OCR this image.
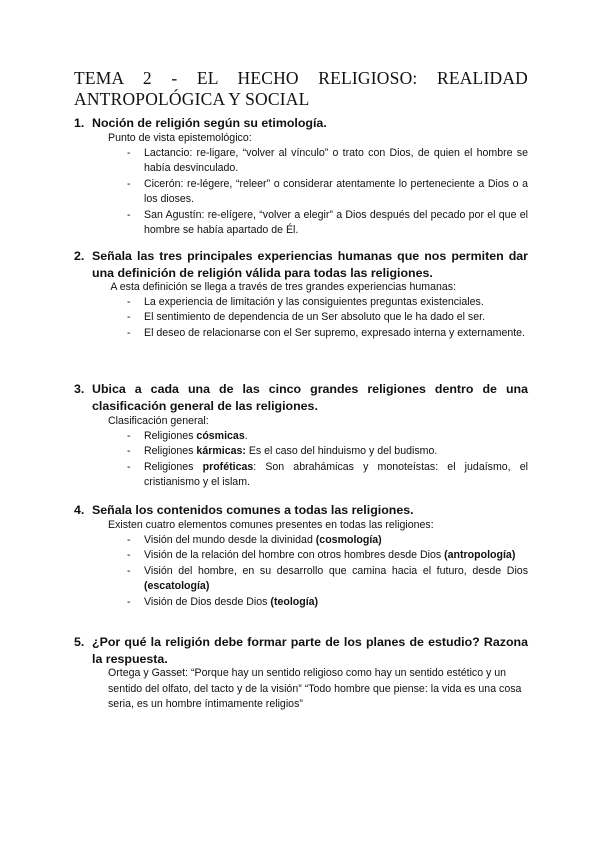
TEMA 2 - EL HECHO RELIGIOSO: REALIDAD
ANTROPOLÓGICA Y SOCIAL
1. Noción de religión según su etimología.
Punto de vista epistemológico:
- Lactancio: re-ligare, “volver al vínculo” o trato con Dios, de quien el hombre se había desvinculado.
- Cicerón: re-légere, “releer” o considerar atentamente lo perteneciente a Dios o a los dioses.
- San Agustín: re-elígere, “volver a elegir” a Dios después del pecado por el que el hombre se había apartado de Él.
2. Señala las tres principales experiencias humanas que nos permiten dar
una definición de religión válida para todas las religiones.
A esta definición se llega a través de tres grandes experiencias humanas:
- La experiencia de limitación y las consiguientes preguntas existenciales.
- El sentimiento de dependencia de un Ser absoluto que le ha dado el ser.
- El deseo de relacionarse con el Ser supremo, expresado interna y externamente.
3. Ubica a cada una de las cinco grandes religiones dentro de una
clasificación general de las religiones.
Clasificación general:
- Religiones cósmicas.
- Religiones kármicas: Es el caso del hinduismo y del budismo.
- Religiones proféticas: Son abrahámicas y monoteístas: el judaísmo, el cristianismo y el islam.
4. Señala los contenidos comunes a todas las religiones.
Existen cuatro elementos comunes presentes en todas las religiones:
- Visión del mundo desde la divinidad (cosmología)
- Visión de la relación del hombre con otros hombres desde Dios (antropología)
- Visión del hombre, en su desarrollo que camina hacia el futuro, desde Dios (escatología)
- Visión de Dios desde Dios (teología)
5. ¿Por qué la religión debe formar parte de los planes de estudio? Razona
la respuesta.
Ortega y Gasset: “Porque hay un sentido religioso como hay un sentido estético y un sentido del olfato, del tacto y de la visión” “Todo hombre que piense: la vida es una cosa seria, es un hombre íntimamente religios”
